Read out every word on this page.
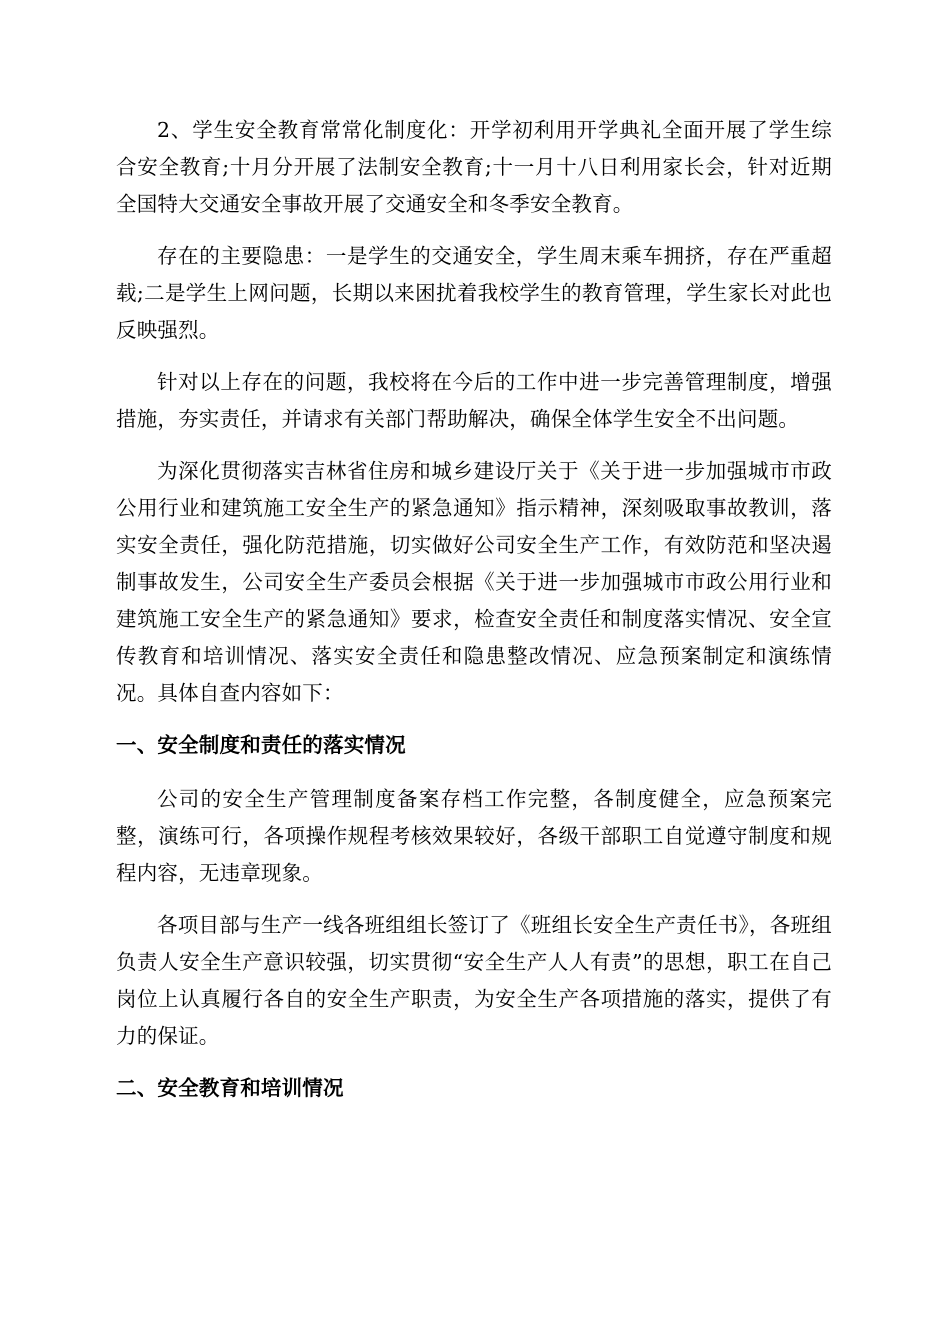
2、学生安全教育常常化制度化：开学初利用开学典礼全面开展了学生综合安全教育;十月分开展了法制安全教育;十一月十八日利用家长会，针对近期全国特大交通安全事故开展了交通安全和冬季安全教育。

存在的主要隐患：一是学生的交通安全，学生周末乘车拥挤，存在严重超载;二是学生上网问题，长期以来困扰着我校学生的教育管理，学生家长对此也反映强烈。

针对以上存在的问题，我校将在今后的工作中进一步完善管理制度，增强措施，夯实责任，并请求有关部门帮助解决，确保全体学生安全不出问题。

为深化贯彻落实吉林省住房和城乡建设厅关于《关于进一步加强城市市政公用行业和建筑施工安全生产的紧急通知》指示精神，深刻吸取事故教训，落实安全责任，强化防范措施，切实做好公司安全生产工作，有效防范和坚决遏制事故发生，公司安全生产委员会根据《关于进一步加强城市市政公用行业和建筑施工安全生产的紧急通知》要求，检查安全责任和制度落实情况、安全宣传教育和培训情况、落实安全责任和隐患整改情况、应急预案制定和演练情况。具体自查内容如下：

一、安全制度和责任的落实情况

公司的安全生产管理制度备案存档工作完整，各制度健全，应急预案完整，演练可行，各项操作规程考核效果较好，各级干部职工自觉遵守制度和规程内容，无违章现象。

各项目部与生产一线各班组组长签订了《班组长安全生产责任书》，各班组负责人安全生产意识较强，切实贯彻“安全生产人人有责”的思想，职工在自己岗位上认真履行各自的安全生产职责，为安全生产各项措施的落实，提供了有力的保证。

二、安全教育和培训情况
